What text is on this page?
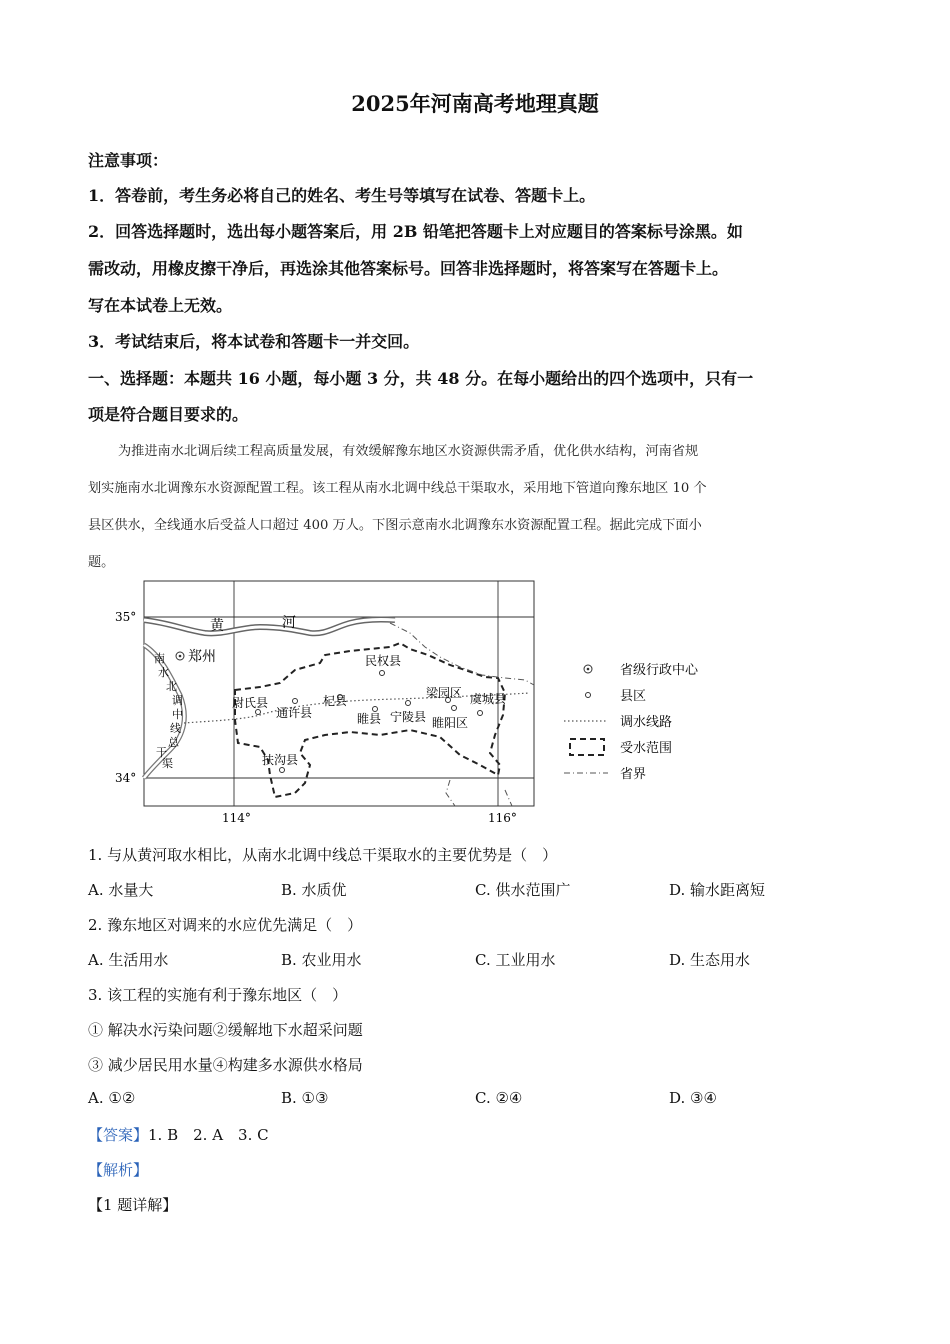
2025年河南高考地理真题
注意事项：
1．答卷前，考生务必将自己的姓名、考生号等填写在试卷、答题卡上。
2．回答选择题时，选出每小题答案后，用 2B 铅笔把答题卡上对应题目的答案标号涂黑。如
需改动，用橡皮擦干净后，再选涂其他答案标号。回答非选择题时，将答案写在答题卡上。
写在本试卷上无效。
3．考试结束后，将本试卷和答题卡一并交回。
一、选择题：本题共 16 小题，每小题 3 分，共 48 分。在每小题给出的四个选项中，只有一
项是符合题目要求的。
为推进南水北调后续工程高质量发展，有效缓解豫东地区水资源供需矛盾，优化供水结构，河南省规
划实施南水北调豫东水资源配置工程。该工程从南水北调中线总干渠取水，采用地下管道向豫东地区 10 个
县区供水，全线通水后受益人口超过 400 万人。下图示意南水北调豫东水资源配置工程。据此完成下面小
题。
35°
34°
114°	116°
黄	河
南
水
北
调
中
线
总
干
渠
郑州
尉氏县
通许县
杞县
民权县
睢县 宁陵县
梁园区
睢阳区
虞城县
扶沟县
省级行政中心
县区
调水线路
受水范围
省界
1. 与从黄河取水相比，从南水北调中线总干渠取水的主要优势是（　）
A. 水量大	B. 水质优	C. 供水范围广	D. 输水距离短
2. 豫东地区对调来的水应优先满足（　）
A. 生活用水	B. 农业用水	C. 工业用水	D. 生态用水
3. 该工程的实施有利于豫东地区（　）
① 解决水污染问题②缓解地下水超采问题
③ 减少居民用水量④构建多水源供水格局
A. ①②	B. ①③	C. ②④	D. ③④
【答案】1. B　2. A　3. C
【解析】
【1 题详解】
